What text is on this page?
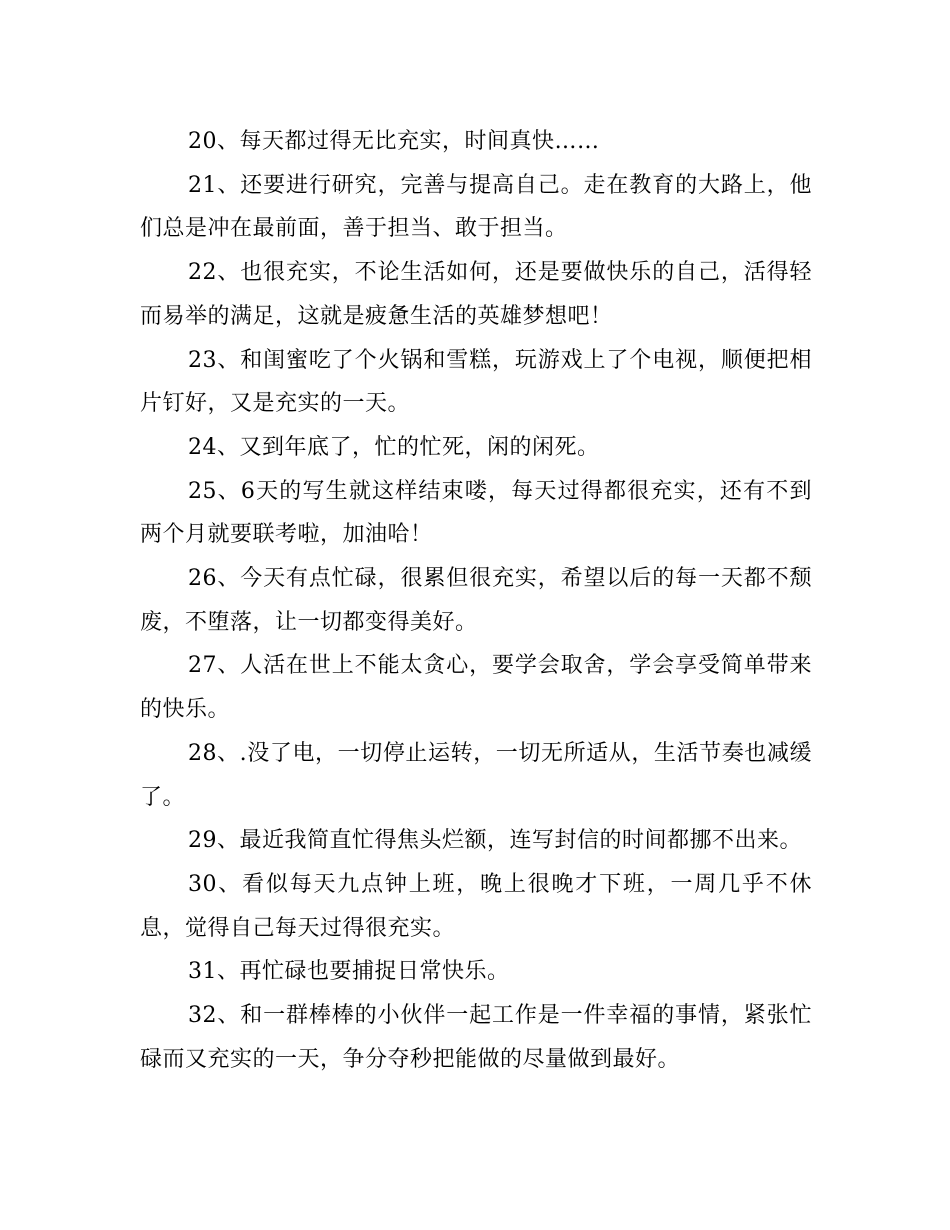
20、每天都过得无比充实，时间真快……

21、还要进行研究，完善与提高自己。走在教育的大路上，他们总是冲在最前面，善于担当、敢于担当。

22、也很充实，不论生活如何，还是要做快乐的自己，活得轻而易举的满足，这就是疲惫生活的英雄梦想吧！

23、和闺蜜吃了个火锅和雪糕，玩游戏上了个电视，顺便把相片钉好，又是充实的一天。

24、又到年底了，忙的忙死，闲的闲死。

25、6天的写生就这样结束喽，每天过得都很充实，还有不到两个月就要联考啦，加油哈！

26、今天有点忙碌，很累但很充实，希望以后的每一天都不颓废，不堕落，让一切都变得美好。

27、人活在世上不能太贪心，要学会取舍，学会享受简单带来的快乐。

28、.没了电，一切停止运转，一切无所适从，生活节奏也减缓了。

29、最近我简直忙得焦头烂额，连写封信的时间都挪不出来。

30、看似每天九点钟上班，晚上很晚才下班，一周几乎不休息，觉得自己每天过得很充实。

31、再忙碌也要捕捉日常快乐。

32、和一群棒棒的小伙伴一起工作是一件幸福的事情，紧张忙碌而又充实的一天，争分夺秒把能做的尽量做到最好。
